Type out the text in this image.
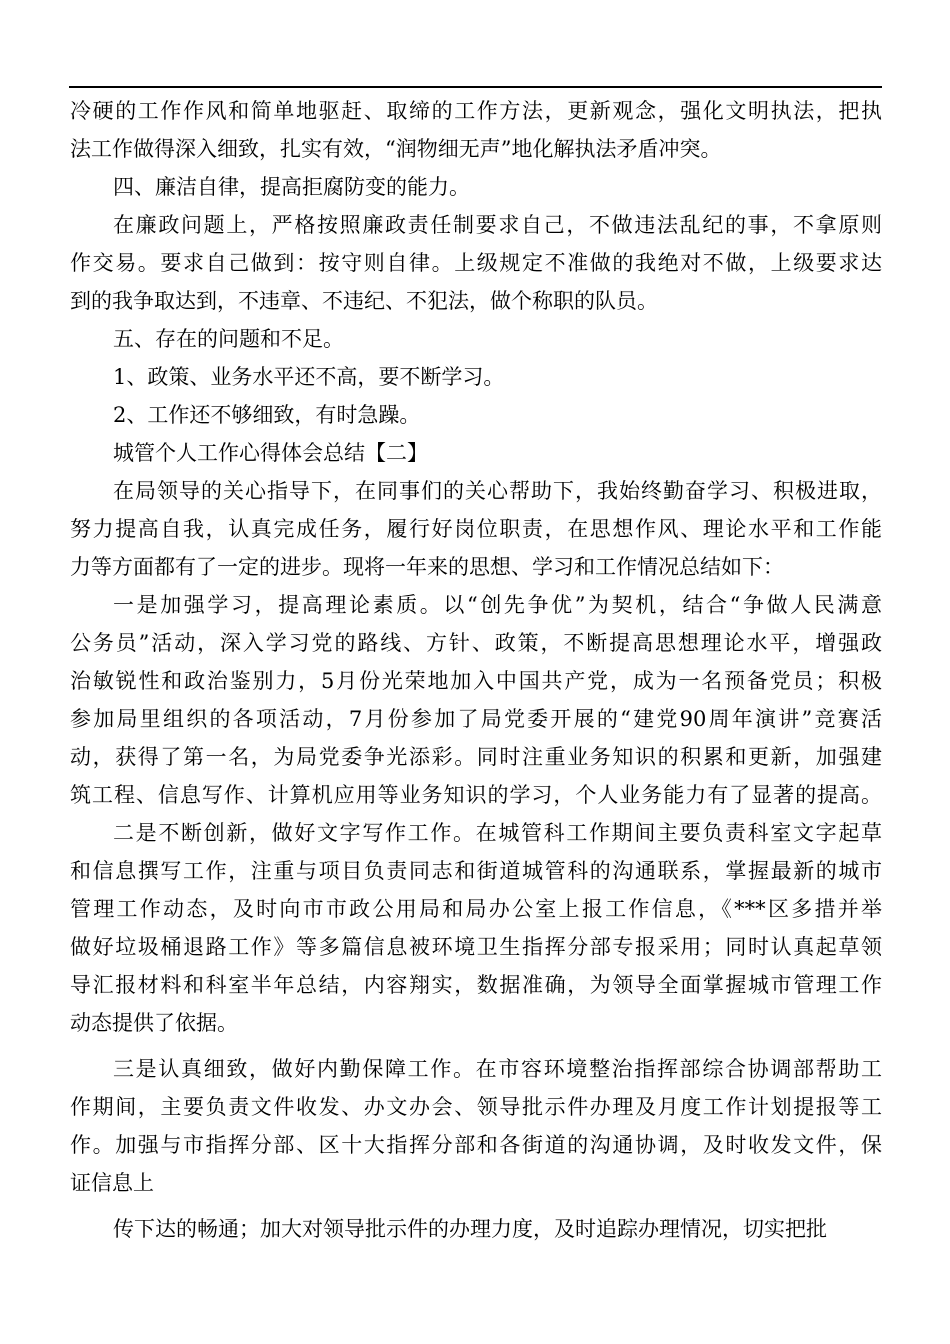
冷硬的工作作风和简单地驱赶、取缔的工作方法，更新观念，强化文明执法，把执
法工作做得深入细致，扎实有效，“润物细无声”地化解执法矛盾冲突。
四、廉洁自律，提高拒腐防变的能力。
在廉政问题上，严格按照廉政责任制要求自己，不做违法乱纪的事，不拿原则
作交易。要求自己做到：按守则自律。上级规定不准做的我绝对不做，上级要求达
到的我争取达到，不违章、不违纪、不犯法，做个称职的队员。
五、存在的问题和不足。
1、政策、业务水平还不高，要不断学习。
2、工作还不够细致，有时急躁。
城管个人工作心得体会总结【二】
在局领导的关心指导下，在同事们的关心帮助下，我始终勤奋学习、积极进取，
努力提高自我，认真完成任务，履行好岗位职责，在思想作风、理论水平和工作能
力等方面都有了一定的进步。现将一年来的思想、学习和工作情况总结如下：
一是加强学习，提高理论素质。以“创先争优”为契机，结合“争做人民满意
公务员”活动，深入学习党的路线、方针、政策，不断提高思想理论水平，增强政
治敏锐性和政治鉴别力，5月份光荣地加入中国共产党，成为一名预备党员；积极
参加局里组织的各项活动，7月份参加了局党委开展的“建党90周年演讲”竞赛活
动，获得了第一名，为局党委争光添彩。同时注重业务知识的积累和更新，加强建
筑工程、信息写作、计算机应用等业务知识的学习，个人业务能力有了显著的提高。
二是不断创新，做好文字写作工作。在城管科工作期间主要负责科室文字起草
和信息撰写工作，注重与项目负责同志和街道城管科的沟通联系，掌握最新的城市
管理工作动态，及时向市市政公用局和局办公室上报工作信息，《***区多措并举
做好垃圾桶退路工作》等多篇信息被环境卫生指挥分部专报采用；同时认真起草领
导汇报材料和科室半年总结，内容翔实，数据准确，为领导全面掌握城市管理工作
动态提供了依据。
三是认真细致，做好内勤保障工作。在市容环境整治指挥部综合协调部帮助工
作期间，主要负责文件收发、办文办会、领导批示件办理及月度工作计划提报等工
作。加强与市指挥分部、区十大指挥分部和各街道的沟通协调，及时收发文件，保
证信息上
传下达的畅通；加大对领导批示件的办理力度，及时追踪办理情况，切实把批
